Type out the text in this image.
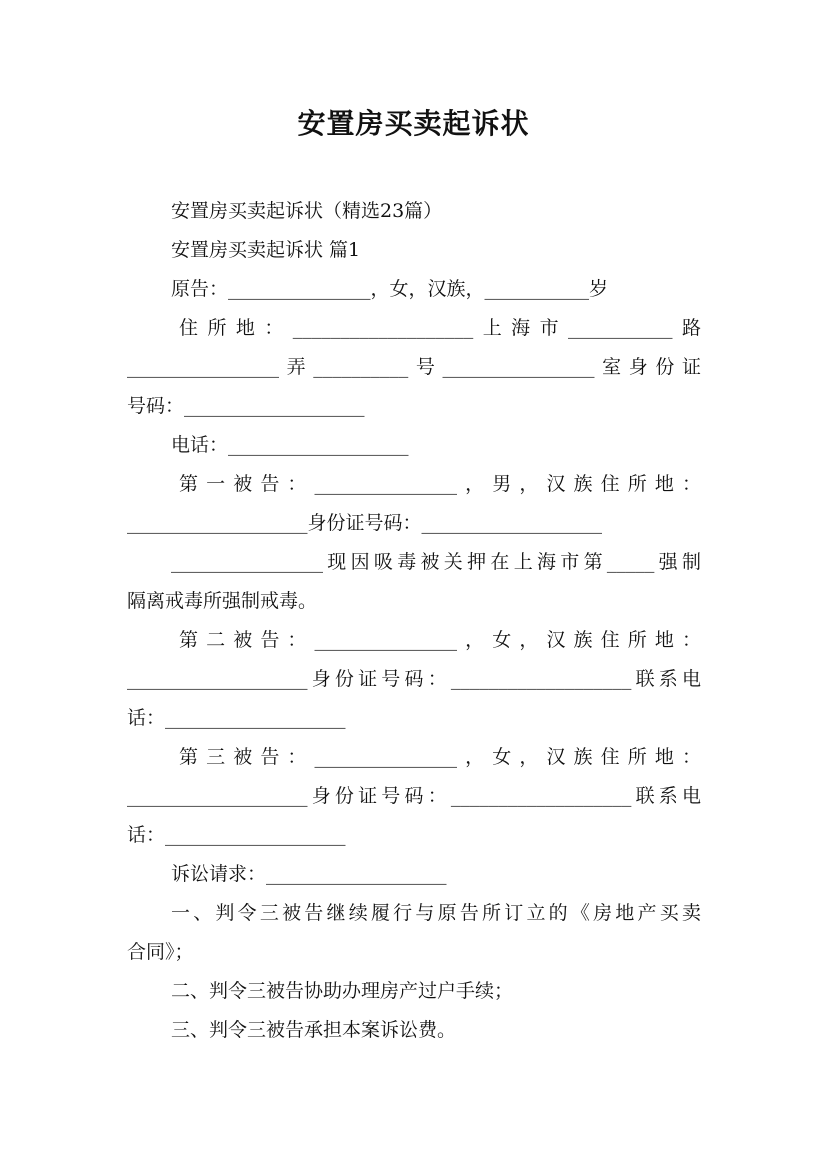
安置房买卖起诉状
安置房买卖起诉状（精选23篇）
安置房买卖起诉状 篇1
原告：_______________，女，汉族，___________岁
住所地：___________________上海市___________路
________________弄__________号________________室身份证
号码：___________________
电话：___________________
第一被告：_______________，男，汉族住所地：
___________________身份证号码：___________________
________________现因吸毒被关押在上海市第_____强制
隔离戒毒所强制戒毒。
第二被告：_______________，女，汉族住所地：
___________________身份证号码：___________________联系电
话：___________________
第三被告：_______________，女，汉族住所地：
___________________身份证号码：___________________联系电
话：___________________
诉讼请求：___________________
一、判令三被告继续履行与原告所订立的《房地产买卖
合同》；
二、判令三被告协助办理房产过户手续；
三、判令三被告承担本案诉讼费。
